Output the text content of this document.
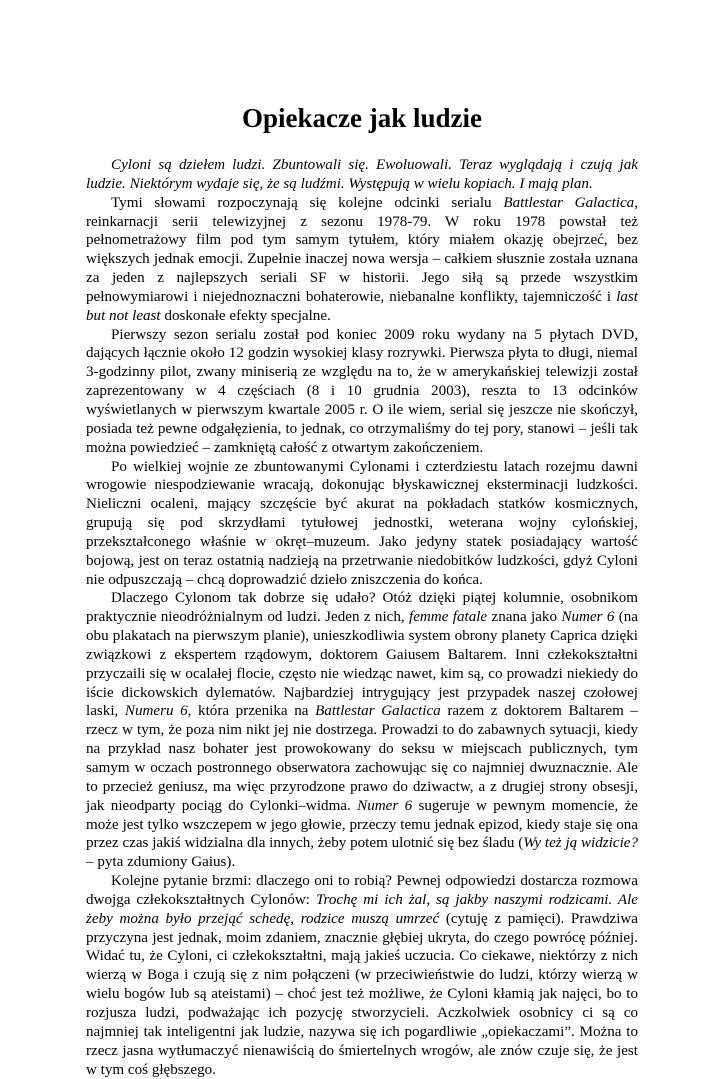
Opiekacze jak ludzie

Cyloni są dziełem ludzi. Zbuntowali się. Ewoluowali. Teraz wyglądają i czują jak ludzie. Niektórym wydaje się, że są ludźmi. Występują w wielu kopiach. I mają plan.

Tymi słowami rozpoczynają się kolejne odcinki serialu Battlestar Galactica, reinkarnacji serii telewizyjnej z sezonu 1978-79. W roku 1978 powstał też pełnometrażowy film pod tym samym tytułem, który miałem okazję obejrzeć, bez większych jednak emocji. Zupełnie inaczej nowa wersja – całkiem słusznie została uznana za jeden z najlepszych seriali SF w historii. Jego siłą są przede wszystkim pełnowymiarowi i niejednoznaczni bohaterowie, niebanalne konflikty, tajemniczość i last but not least doskonałe efekty specjalne.

Pierwszy sezon serialu został pod koniec 2009 roku wydany na 5 płytach DVD, dających łącznie około 12 godzin wysokiej klasy rozrywki. Pierwsza płyta to długi, niemal 3-godzinny pilot, zwany miniserią ze względu na to, że w amerykańskiej telewizji został zaprezentowany w 4 częściach (8 i 10 grudnia 2003), reszta to 13 odcinków wyświetlanych w pierwszym kwartale 2005 r. O ile wiem, serial się jeszcze nie skończył, posiada też pewne odgałęzienia, to jednak, co otrzymaliśmy do tej pory, stanowi – jeśli tak można powiedzieć – zamkniętą całość z otwartym zakończeniem.

Po wielkiej wojnie ze zbuntowanymi Cylonami i czterdziestu latach rozejmu dawni wrogowie niespodziewanie wracają, dokonując błyskawicznej eksterminacji ludzkości. Nieliczni ocaleni, mający szczęście być akurat na pokładach statków kosmicznych, grupują się pod skrzydłami tytułowej jednostki, weterana wojny cylońskiej, przekształconego właśnie w okręt–muzeum. Jako jedyny statek posiadający wartość bojową, jest on teraz ostatnią nadzieją na przetrwanie niedobitków ludzkości, gdyż Cyloni nie odpuszczają – chcą doprowadzić dzieło zniszczenia do końca.

Dlaczego Cylonom tak dobrze się udało? Otóż dzięki piątej kolumnie, osobnikom praktycznie nieodróżnialnym od ludzi. Jeden z nich, femme fatale znana jako Numer 6 (na obu plakatach na pierwszym planie), unieszkodliwia system obrony planety Caprica dzięki związkowi z ekspertem rządowym, doktorem Gaiusem Baltarem. Inni człekokształtni przyczaili się w ocalałej flocie, często nie wiedząc nawet, kim są, co prowadzi niekiedy do iście dickowskich dylematów. Najbardziej intrygujący jest przypadek naszej czołowej laski, Numeru 6, która przenika na Battlestar Galactica razem z doktorem Baltarem – rzecz w tym, że poza nim nikt jej nie dostrzega. Prowadzi to do zabawnych sytuacji, kiedy na przykład nasz bohater jest prowokowany do seksu w miejscach publicznych, tym samym w oczach postronnego obserwatora zachowując się co najmniej dwuznacznie. Ale to przecież geniusz, ma więc przyrodzone prawo do dziwactw, a z drugiej strony obsesji, jak nieodparty pociąg do Cylonki–widma. Numer 6 sugeruje w pewnym momencie, że może jest tylko wszczepem w jego głowie, przeczy temu jednak epizod, kiedy staje się ona przez czas jakiś widzialna dla innych, żeby potem ulotnić się bez śladu (Wy też ją widzicie? – pyta zdumiony Gaius).

Kolejne pytanie brzmi: dlaczego oni to robią? Pewnej odpowiedzi dostarcza rozmowa dwojga człekokształtnych Cylonów: Trochę mi ich żal, są jakby naszymi rodzicami. Ale żeby można było przejąć schedę, rodzice muszą umrzeć (cytuję z pamięci). Prawdziwa przyczyna jest jednak, moim zdaniem, znacznie głębiej ukryta, do czego powrócę później. Widać tu, że Cyloni, ci człekokształtni, mają jakieś uczucia. Co ciekawe, niektórzy z nich wierzą w Boga i czują się z nim połączeni (w przeciwieństwie do ludzi, którzy wierzą w wielu bogów lub są ateistami) – choć jest też możliwe, że Cyloni kłamią jak najęci, bo to rozjusza ludzi, podważając ich pozycję stworzycieli. Aczkolwiek osobnicy ci są co najmniej tak inteligentni jak ludzie, nazywa się ich pogardliwie „opiekaczami”. Można to rzecz jasna wytłumaczyć nienawiścią do śmiertelnych wrogów, ale znów czuje się, że jest w tym coś głębszego.
